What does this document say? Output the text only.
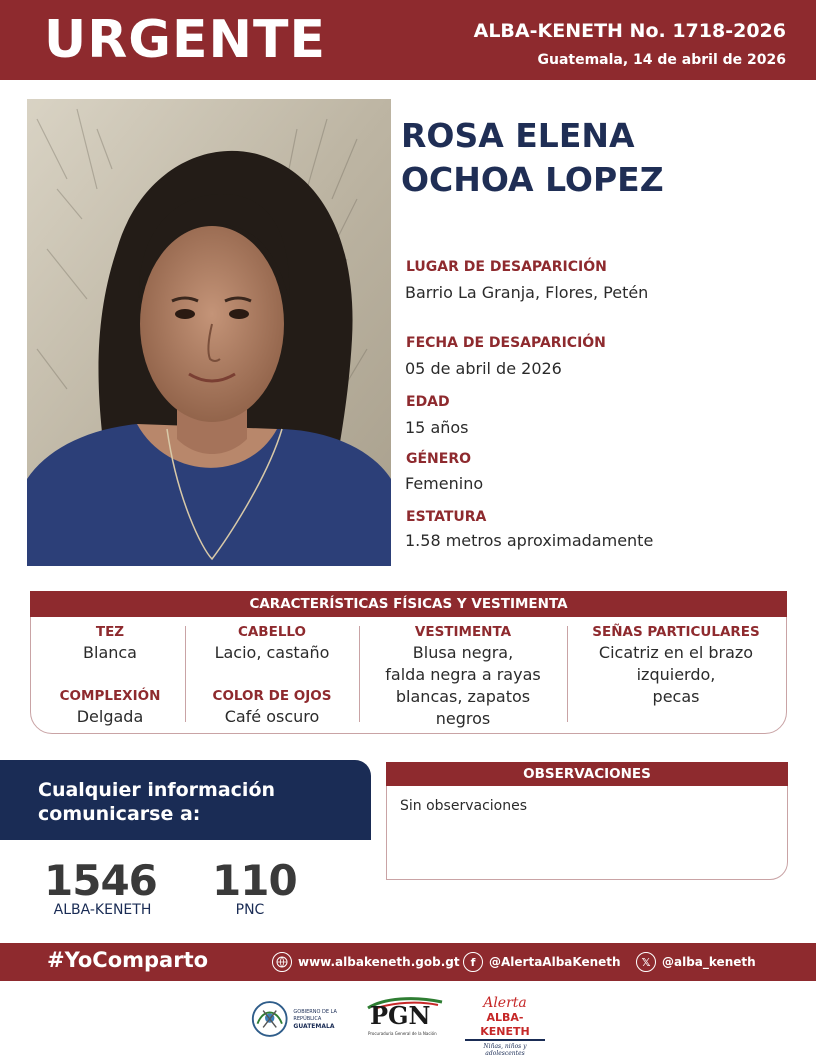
URGENTE	ALBA-KENETH No. 1718-2026
Guatemala, 14 de abril de 2026
ROSA ELENA
OCHOA LOPEZ
LUGAR DE DESAPARICIÓN
Barrio La Granja, Flores, Petén
FECHA DE DESAPARICIÓN
05 de abril de 2026
EDAD
15 años
GÉNERO
Femenino
ESTATURA
1.58 metros aproximadamente
CARACTERÍSTICAS FÍSICAS Y VESTIMENTA
TEZ
Blanca
COMPLEXIÓN
Delgada
CABELLO
Lacio, castaño
COLOR DE OJOS
Café oscuro
VESTIMENTA
Blusa negra,
falda negra a rayas
blancas, zapatos
negros
SEÑAS PARTICULARES
Cicatriz en el brazo
izquierdo,
pecas
Cualquier información
comunicarse a:
1546
ALBA-KENETH
110
PNC
OBSERVACIONES
Sin observaciones
#YoComparto	www.albakeneth.gob.gt	f	@AlertaAlbaKeneth	𝕏 @alba_keneth
GOBIERNO DE LA REPÚBLICA
GUATEMALA	PGN
Procuraduría General de la Nación
Alerta
ALBA-KENETH
Niñas, niños y adolescentes
